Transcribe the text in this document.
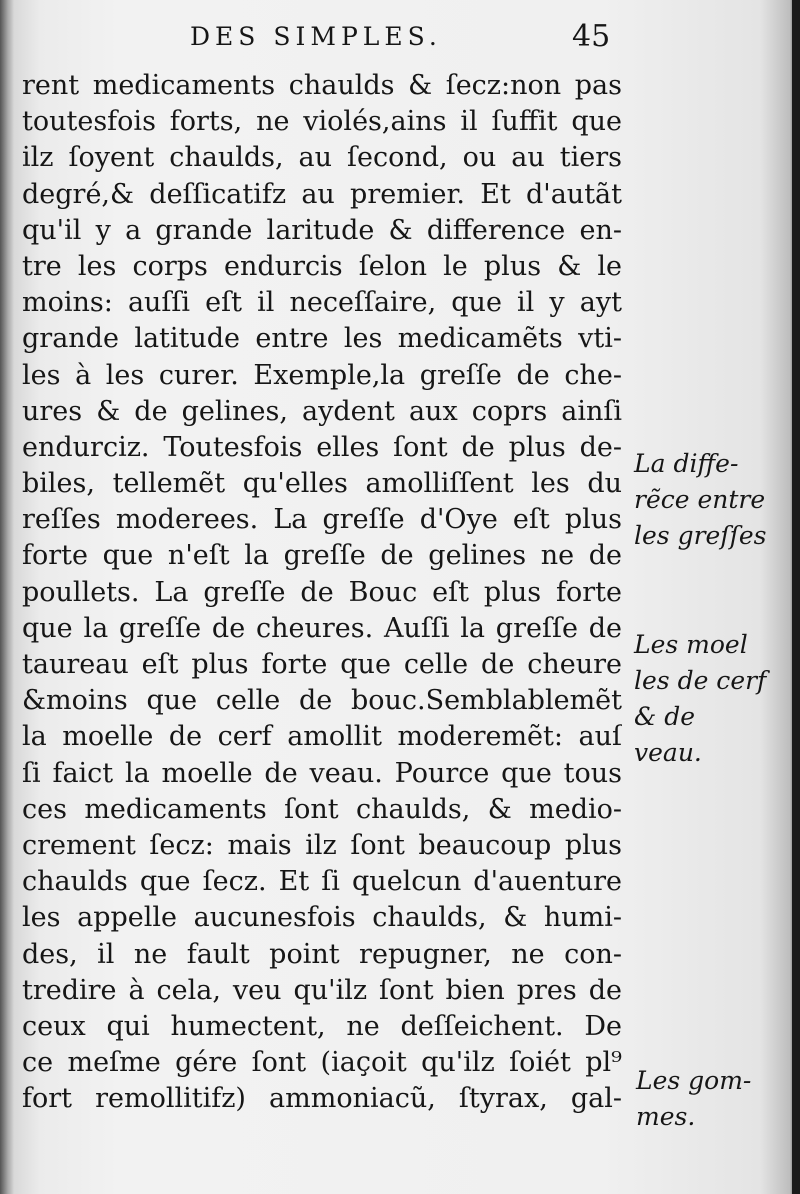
DES SIMPLES.	45
rent medicaments chaulds & ſecz:non pas
toutesfois forts, ne violés,ains il ſuffit que
ilz ſoyent chaulds, au ſecond, ou au tiers
degré,& deſſicatifz au premier. Et d'autãt
qu'il y a grande laritude & difference en-
tre les corps endurcis ſelon le plus & le
moins: auſſi eſt il neceſſaire, que il y ayt
grande latitude entre les medicamẽts vti-
les à les curer. Exemple,la greſſe de che-
ures & de gelines, aydent aux coprs ainſi
endurciz. Toutesfois elles ſont de plus de-
biles, tellemẽt qu'elles amolliſſent les du
reſſes moderees. La greſſe d'Oye eſt plus
forte que n'eſt la greſſe de gelines ne de
poullets. La greſſe de Bouc eſt plus forte
que la greſſe de cheures. Auſſi la greſſe de
taureau eſt plus forte que celle de cheure
&moins que celle de bouc.Semblablemẽt
la moelle de cerf amollit moderemẽt: auſ
ſi faict la moelle de veau. Pource que tous
ces medicaments ſont chaulds, & medio-
crement ſecz: mais ilz ſont beaucoup plus
chaulds que ſecz. Et ſi quelcun d'auenture
les appelle aucunesfois chaulds, & humi-
des, il ne fault point repugner, ne con-
tredire à cela, veu qu'ilz ſont bien pres de
ceux qui humectent, ne deſſeichent. De
ce meſme gére ſont (iaçoit qu'ilz ſoiét pl⁹
fort remollitifz) ammoniacũ, ſtyrax, gal-
La diffe-
rẽce entre
les greſſes
Les moel
les de cerf
& de
veau.
Les gom-
mes.
